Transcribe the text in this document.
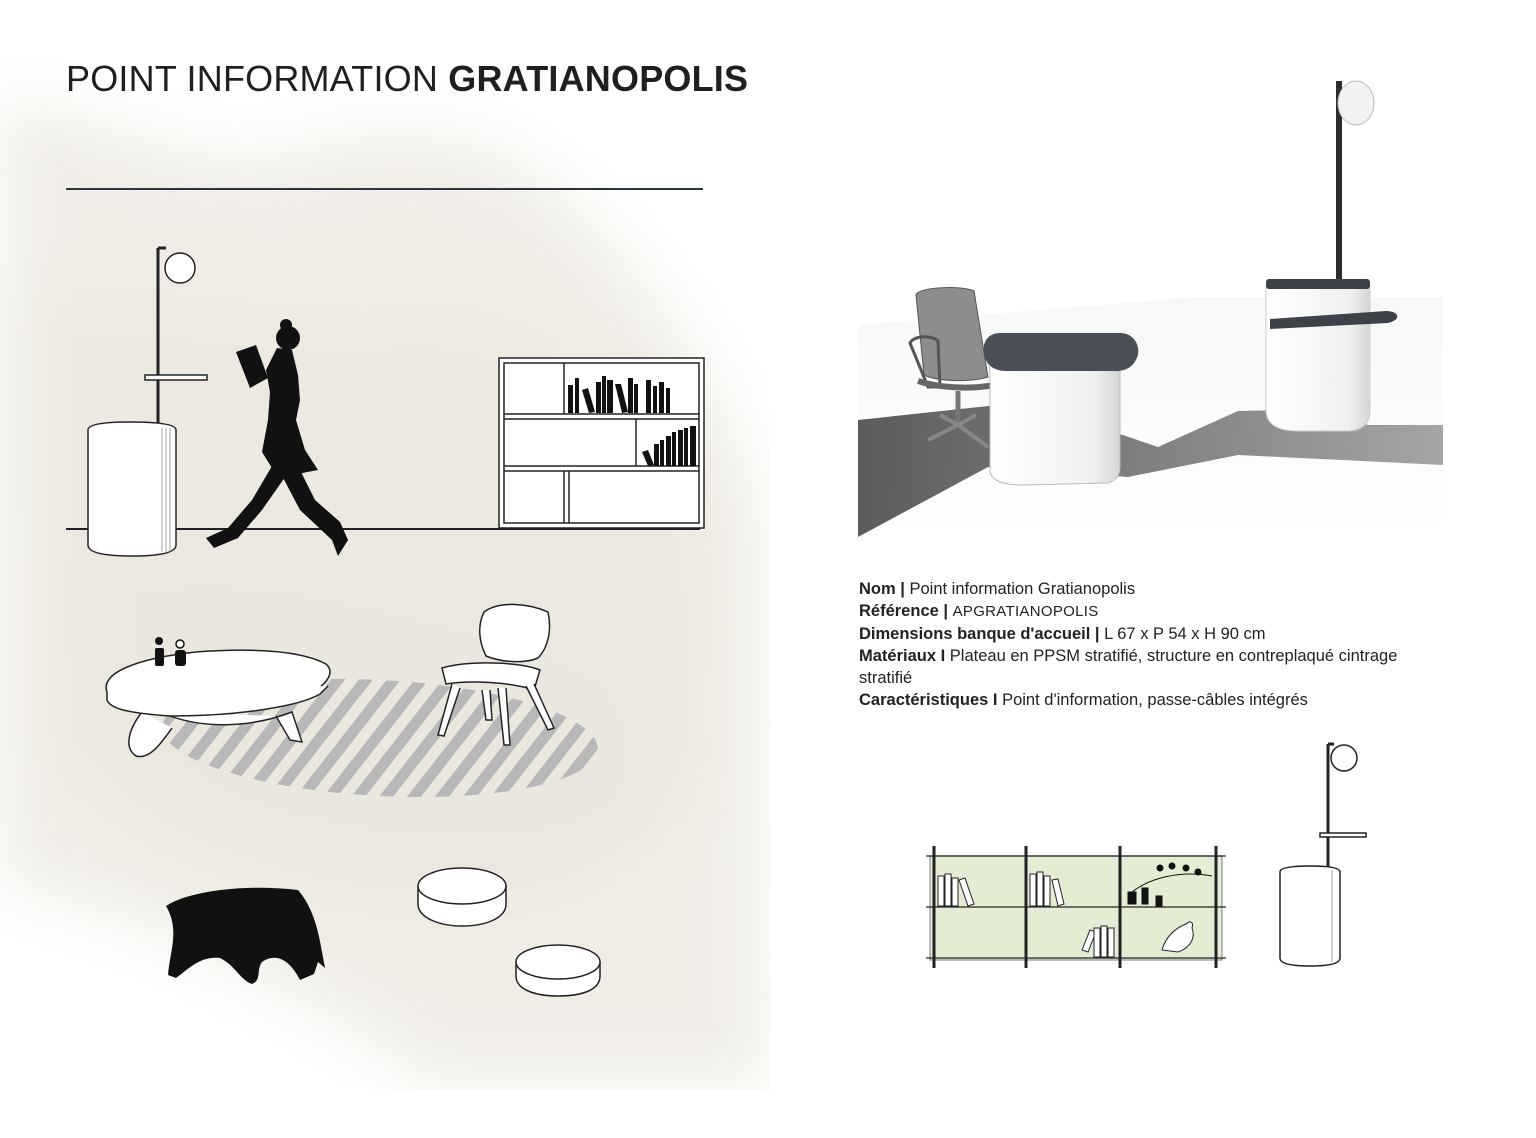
POINT INFORMATION GRATIANOPOLIS

Nom | Point information Gratianopolis

Référence | APGRATIANOPOLIS

Dimensions banque d'accueil | L 67 x P 54 x H 90 cm

Matériaux I Plateau en PPSM stratifié, structure en contreplaqué cintrage stratifié

Caractéristiques I Point d'information, passe-câbles intégrés
